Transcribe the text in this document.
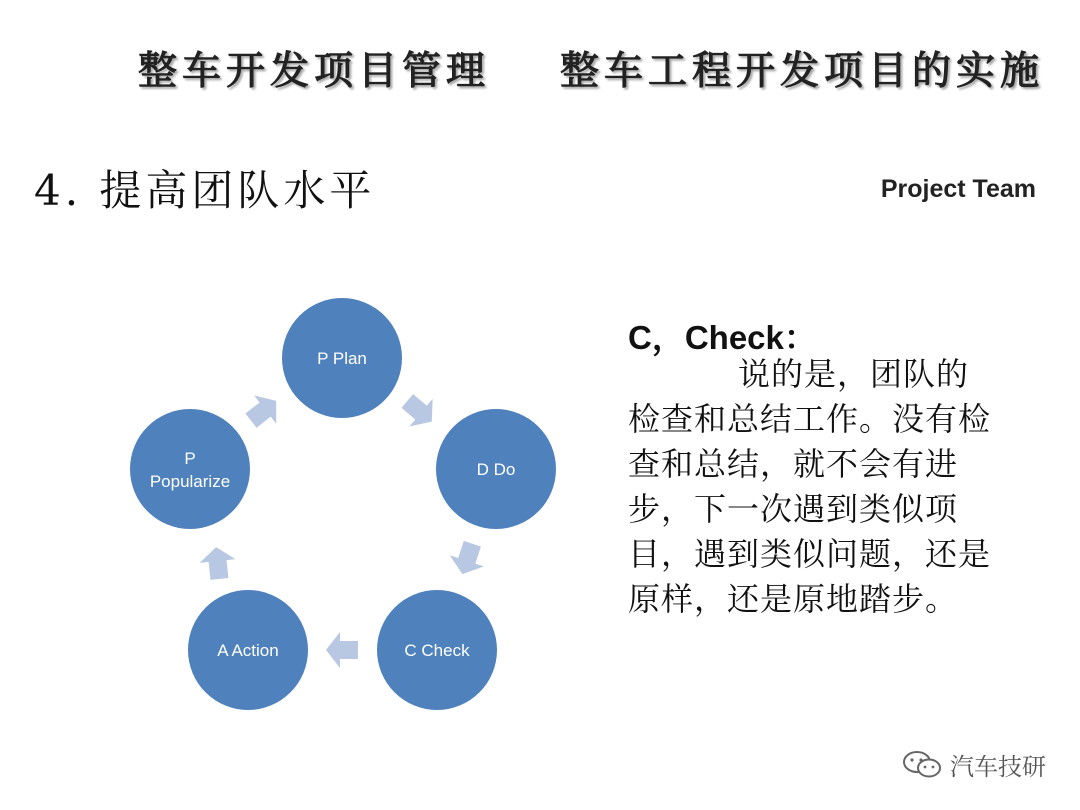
整车开发项目管理 整车工程开发项目的实施
4. 提高团队水平	Project Team
P Plan
D Do
C Check
A Action
P
Popularize
C，Check：
说的是，团队的检查和总结工作。没有检查和总结，就不会有进步，下一次遇到类似项目，遇到类似问题，还是原样，还是原地踏步。
汽车技研
